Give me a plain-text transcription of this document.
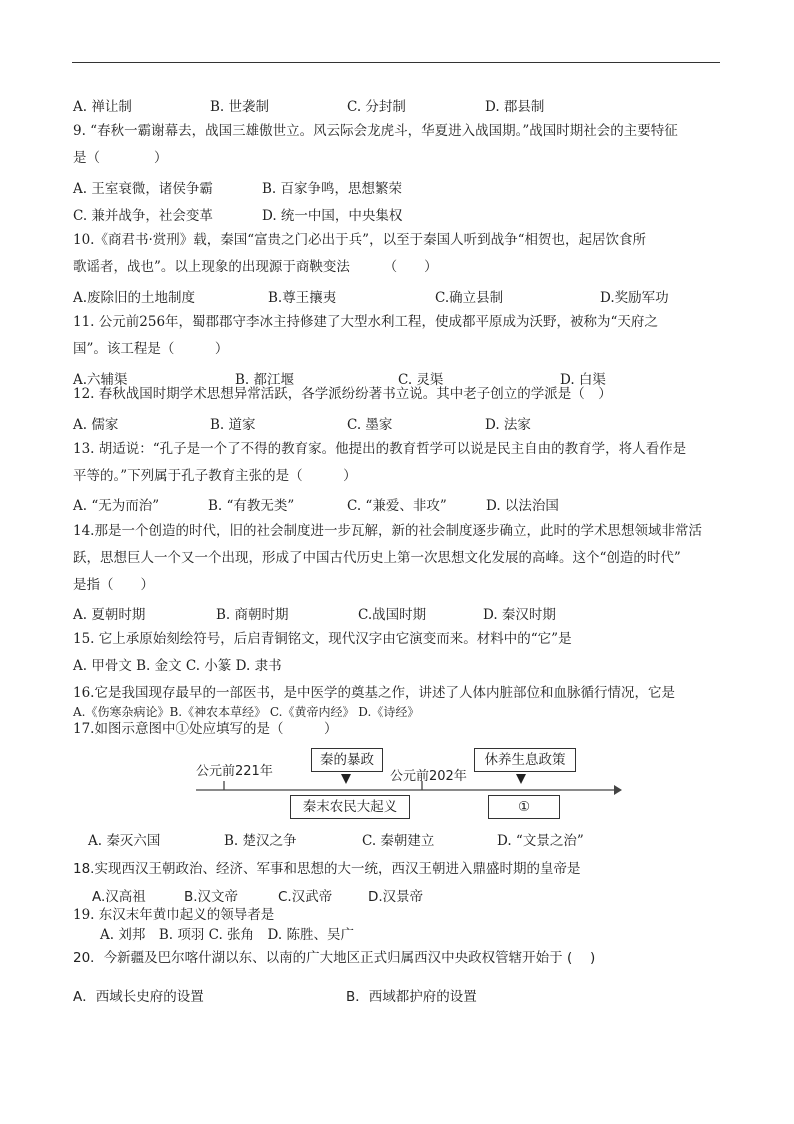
A. 禅让制	B. 世袭制	C. 分封制	D. 郡县制
9. “春秋一霸谢幕去，战国三雄傲世立。风云际会龙虎斗，华夏进入战国期。”战国时期社会的主要特征
是（　　　　）
A. 王室衰微，诸侯争霸	B. 百家争鸣，思想繁荣
C. 兼并战争，社会变革	D. 统一中国，中央集权
10.《商君书·赏刑》载，秦国“富贵之门必出于兵”，以至于秦国人听到战争“相贺也，起居饮食所
歌谣者，战也”。以上现象的出现源于商鞅变法　　　（　　）
A.废除旧的土地制度	B.尊王攘夷	C.确立县制	D.奖励军功
11. 公元前256年，蜀郡郡守李冰主持修建了大型水利工程，使成都平原成为沃野，被称为“天府之
国”。该工程是（　　　）
A.六辅渠	B. 都江堰	C. 灵渠	D. 白渠
12. 春秋战国时期学术思想异常活跃，各学派纷纷著书立说。其中老子创立的学派是（　）
A. 儒家	B. 道家	C. 墨家	D. 法家
13. 胡适说：“孔子是一个了不得的教育家。他提出的教育哲学可以说是民主自由的教育学，将人看作是
平等的。”下列属于孔子教育主张的是（　　　）
A. “无为而治”	B. “有教无类”	C. “兼爱、非攻”	D. 以法治国
14.那是一个创造的时代，旧的社会制度进一步瓦解，新的社会制度逐步确立，此时的学术思想领域非常活
跃，思想巨人一个又一个出现，形成了中国古代历史上第一次思想文化发展的高峰。这个“创造的时代”
是指（　　）
A. 夏朝时期	B. 商朝时期	C.战国时期	D. 秦汉时期
15. 它上承原始刻绘符号，后启青铜铭文，现代汉字由它演变而来。材料中的“它”是
A. 甲骨文 B. 金文 C. 小篆 D. 隶书
16.它是我国现存最早的一部医书，是中医学的奠基之作，讲述了人体内脏部位和血脉循行情况，它是
A.《伤寒杂病论》B.《神农本草经》 C.《黄帝内经》 D.《诗经》
17.如图示意图中①处应填写的是（　　　）
公元前221年	公元前202年
秦的暴政	休养生息政策
秦末农民大起义	①
A. 秦灭六国	B. 楚汉之争	C. 秦朝建立	D. “文景之治”
18.实现西汉王朝政治、经济、军事和思想的大一统，西汉王朝进入鼎盛时期的皇帝是
A.汉高祖	B.汉文帝	C.汉武帝	D.汉景帝
19. 东汉末年黄巾起义的领导者是
A. 刘邦　B. 项羽 C. 张角　D. 陈胜、吴广
20．今新疆及巴尔喀什湖以东、以南的广大地区正式归属西汉中央政权管辖开始于 (　 )
A．西域长史府的设置	B．西域都护府的设置
